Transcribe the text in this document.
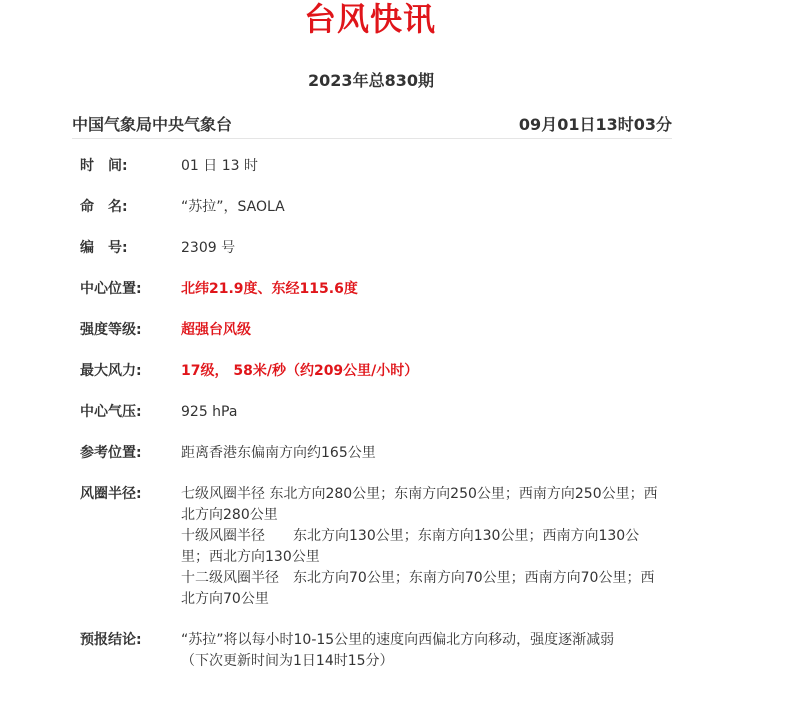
台风快讯
2023年总830期
中国气象局中央气象台	09月01日13时03分
时　间:	01 日 13 时
命　名:	“苏拉”，SAOLA
编　号:	2309 号
中心位置:	北纬21.9度、东经115.6度
强度等级:	超强台风级
最大风力:	17级， 58米/秒（约209公里/小时）
中心气压:	925 hPa
参考位置:	距离香港东偏南方向约165公里
风圈半径:	七级风圈半径 东北方向280公里；东南方向250公里；西南方向250公里；西北方向280公里
十级风圈半径　　东北方向130公里；东南方向130公里；西南方向130公里；西北方向130公里
十二级风圈半径　东北方向70公里；东南方向70公里；西南方向70公里；西北方向70公里
预报结论:	“苏拉”将以每小时10-15公里的速度向西偏北方向移动，强度逐渐减弱
（下次更新时间为1日14时15分）
